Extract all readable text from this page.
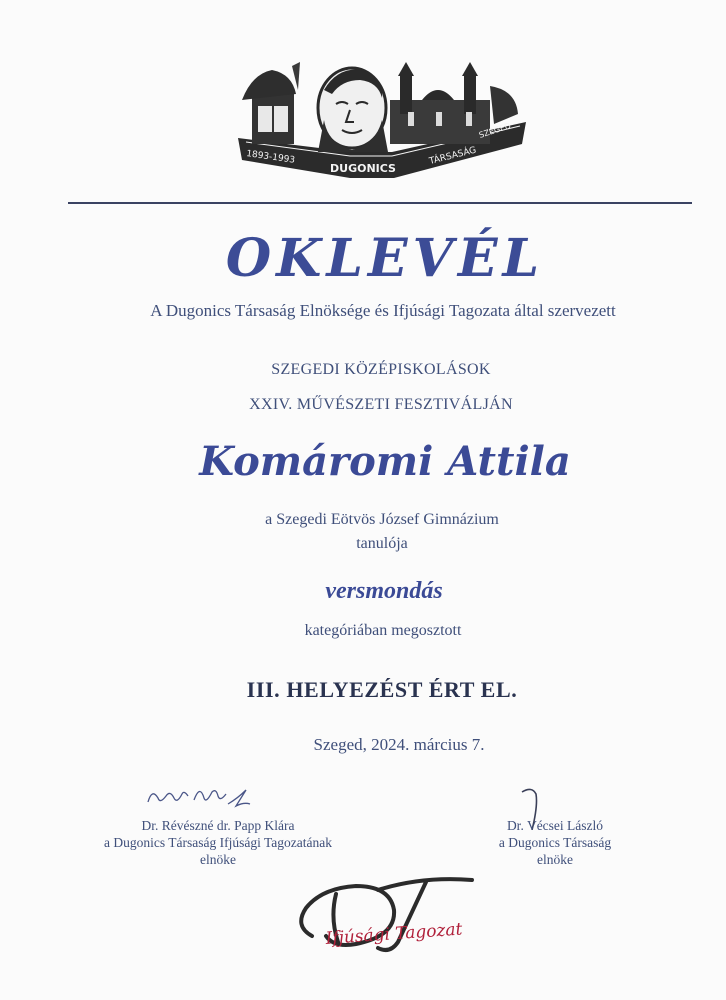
1893-1993
DUGONICS
TÁRSASÁG
SZEGED
OKLEVÉL
A Dugonics Társaság Elnöksége és Ifjúsági Tagozata által szervezett
SZEGEDI KÖZÉPISKOLÁSOK
XXIV. MŰVÉSZETI FESZTIVÁLJÁN
Komáromi Attila
a Szegedi Eötvös József Gimnázium
tanulója
versmondás
kategóriában megosztott
III. HELYEZÉST ÉRT EL.
Szeged, 2024. március 7.
Dr. Révészné dr. Papp Klára
a Dugonics Társaság Ifjúsági Tagozatának
elnöke
Dr. Vécsei László
a Dugonics Társaság
elnöke
Ifjúsági Tagozat
